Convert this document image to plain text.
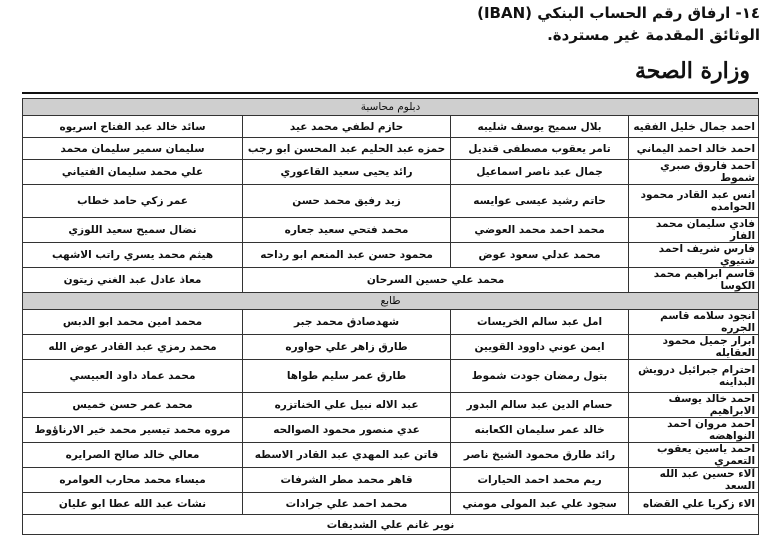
١٤- ارفاق رقم الحساب البنكي (IBAN)
الوثائق المقدمة غير مستردة.
وزارة الصحة
دبلوم محاسبة			
احمد جمال خليل الفقيه	بلال سميح يوسف شليبه	حازم لطفي محمد عيد	سائد خالد عبد الفتاح اسريوه
احمد خالد احمد اليماني	تامر يعقوب مصطفى قنديل	حمزه عبد الحليم عبد المحسن ابو رجب	سليمان سمير سليمان محمد
احمد فاروق صبري شموط	جمال عبد ناصر اسماعيل	رائد يحيى سعيد القاعوري	علي محمد سليمان الفتياني
انس عبد القادر محمود الحوامده	حاتم رشيد عيسى عوايسه	زيد رفيق محمد حسن	عمر زكي حامد خطاب
فادي سليمان محمد الفار	محمد احمد محمد العوضي	محمد فتحي سعيد جعاره	نضال سميح سعيد اللوزي
فارس شريف احمد شتيوي	محمد عدلي سعود عوض	محمود حسن عبد المنعم ابو رداحه	هيثم محمد يسري راتب الاشهب
قاسم ابراهيم محمد الكوسا	محمد علي حسين السرحان		معاذ عادل عبد الغني زيتون
طابع			
انجود سلامه قاسم الجرره	امل عبد سالم الخريسات	شهدصادق محمد جبر	محمد امين محمد ابو الدبس
ابرار جميل محمود العقايله	ايمن عوني داوود القويين	طارق زاهر علي حواوره	محمد رمزي عبد القادر عوض الله
احترام جبرائيل درويش البداينه	بتول رمضان جودت شموط	طارق عمر سليم طواها	محمد عماد داود العبيسي
احمد خالد يوسف الابراهيم	حسام الدين عبد سالم البدور	عبد الاله نبيل علي الخناتزره	محمد عمر حسن خميس
احمد مروان احمد النواهضه	خالد عمر سليمان الكعابنه	عدي منصور محمود الصوالحه	مروه محمد تيسير محمد خير الارناؤوط
احمد ياسين يعقوب التعمري	رائد طارق محمود الشيخ ناصر	فاتن عبد المهدي عبد القادر الاسطه	معالي خالد صالح الصرايره
آلاء حسين عبد الله السعد	ريم محمد احمد الحيارات	قاهر محمد مطر الشرفات	ميساء محمد محارب العوامره
الاء زكريا علي القضاه	سجود علي عبد المولى مومني	محمد احمد علي جرادات	نشات عبد الله عطا ابو عليان
نوير غانم علي الشديفات			
